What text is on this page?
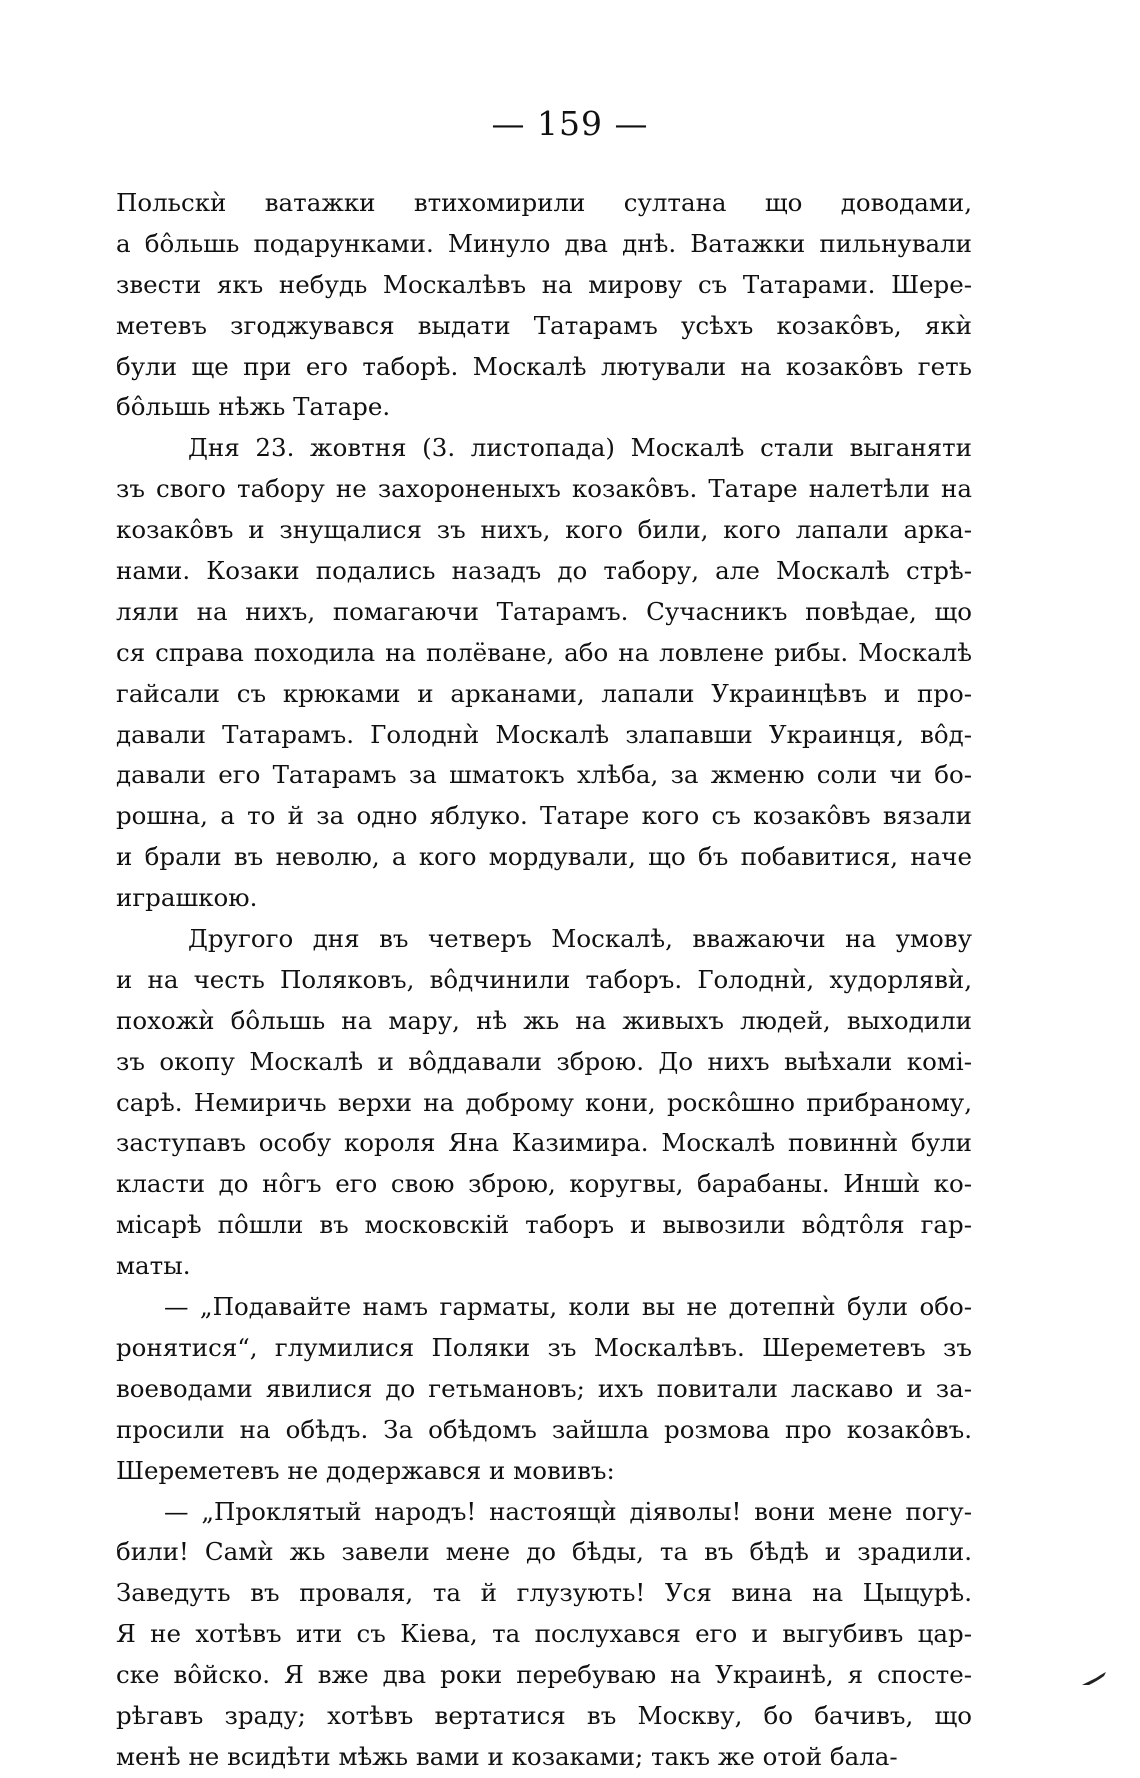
— 159 —
Польскѝ ватажки втихомирили султана що доводами,
а бôльшь подарунками. Минуло два днѣ. Ватажки пильнували
звести якъ небудь Москалѣвъ на мирову съ Татарами. Шере-
метевъ згоджувався выдати Татарамъ усѣхъ козакôвъ, якѝ
були ще при его таборѣ. Москалѣ лютували на козакôвъ геть
бôльшь нѣжь Татаре.
Дня 23. жовтня (3. листопада) Москалѣ стали выганяти
зъ свого табору не захороненыхъ козакôвъ. Татаре налетѣли на
козакôвъ и знущалися зъ нихъ, кого били, кого лапали арка-
нами. Козаки подались назадъ до табору, але Москалѣ стрѣ-
ляли на нихъ, помагаючи Татарамъ. Сучасникъ повѣдае, що
ся справа походила на полёване, або на ловлене рибы. Москалѣ
гайсали съ крюками и арканами, лапали Украинцѣвъ и про-
давали Татарамъ. Голоднѝ Москалѣ злапавши Украинця, вôд-
давали его Татарамъ за шматокъ хлѣба, за жменю соли чи бо-
рошна, а то й за одно яблуко. Татаре кого съ козакôвъ вязали
и брали въ неволю, а кого мордували, що бъ побавитися, наче
играшкою.
Другого дня въ четверъ Москалѣ, вважаючи на умову
и на честь Поляковъ, вôдчинили таборъ. Голоднѝ, худорлявѝ,
похожѝ бôльшь на мару, нѣ жь на живыхъ людей, выходили
зъ окопу Москалѣ и вôддавали зброю. До нихъ выѣхали комі-
сарѣ. Немиричь верхи на доброму кони, роскôшно прибраному,
заступавъ особу короля Яна Казимира. Москалѣ повиннѝ були
класти до нôгъ его свою зброю, коругвы, барабаны. Иншѝ ко-
місарѣ пôшли въ московскій таборъ и вывозили вôдтôля гар-
маты.
— „Подавайте намъ гарматы, коли вы не дотепнѝ були обо-
ронятися“, глумилися Поляки зъ Москалѣвъ. Шереметевъ зъ
воеводами явилися до гетьмановъ; ихъ повитали ласкаво и за-
просили на обѣдъ. За обѣдомъ зайшла розмова про козакôвъ.
Шереметевъ не додержався и мовивъ:
— „Проклятый народъ! настоящѝ діяволы! вони мене погу-
били! Самѝ жь завели мене до бѣды, та въ бѣдѣ и зрадили.
Заведуть въ проваля, та й глузують! Уся вина на Цыцурѣ.
Я не хотѣвъ ити съ Кіева, та послухався его и выгубивъ цар-
ске вôйско. Я вже два роки перебуваю на Украинѣ, я спосте-
рѣгавъ зраду; хотѣвъ вертатися въ Москву, бо бачивъ, що
менѣ не всидѣти мѣжь вами и козаками; такъ же отой бала-
